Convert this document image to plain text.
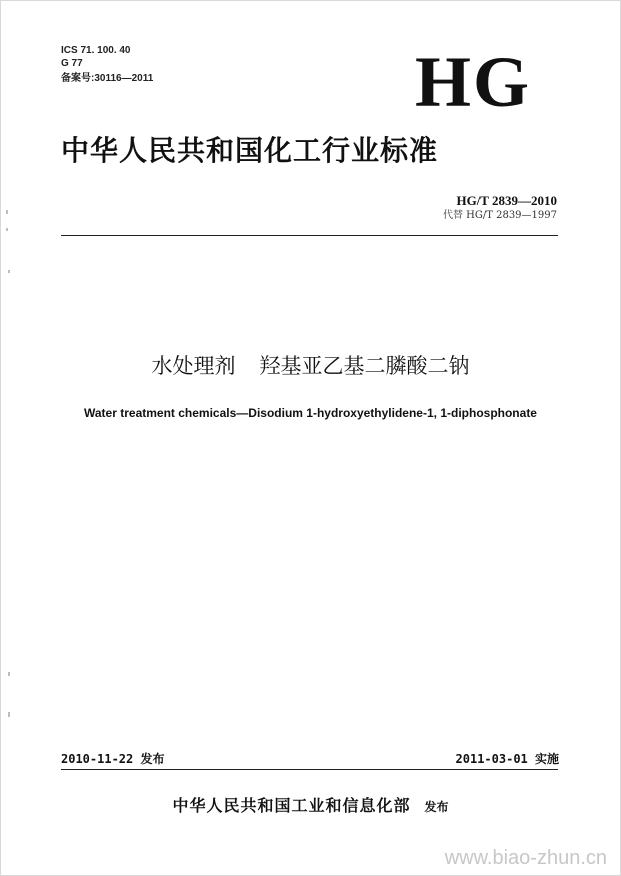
ICS 71. 100. 40
G 77
备案号:30116—2011	HG
中华人民共和国化工行业标准
HG/T 2839—2010
代替 HG/T 2839—1997
水处理剂 羟基亚乙基二膦酸二钠
Water treatment chemicals—Disodium 1-hydroxyethylidene-1, 1-diphosphonate
2010-11-22 发布	2011-03-01 实施
中华人民共和国工业和信息化部 发布
www.biao-zhun.cn
